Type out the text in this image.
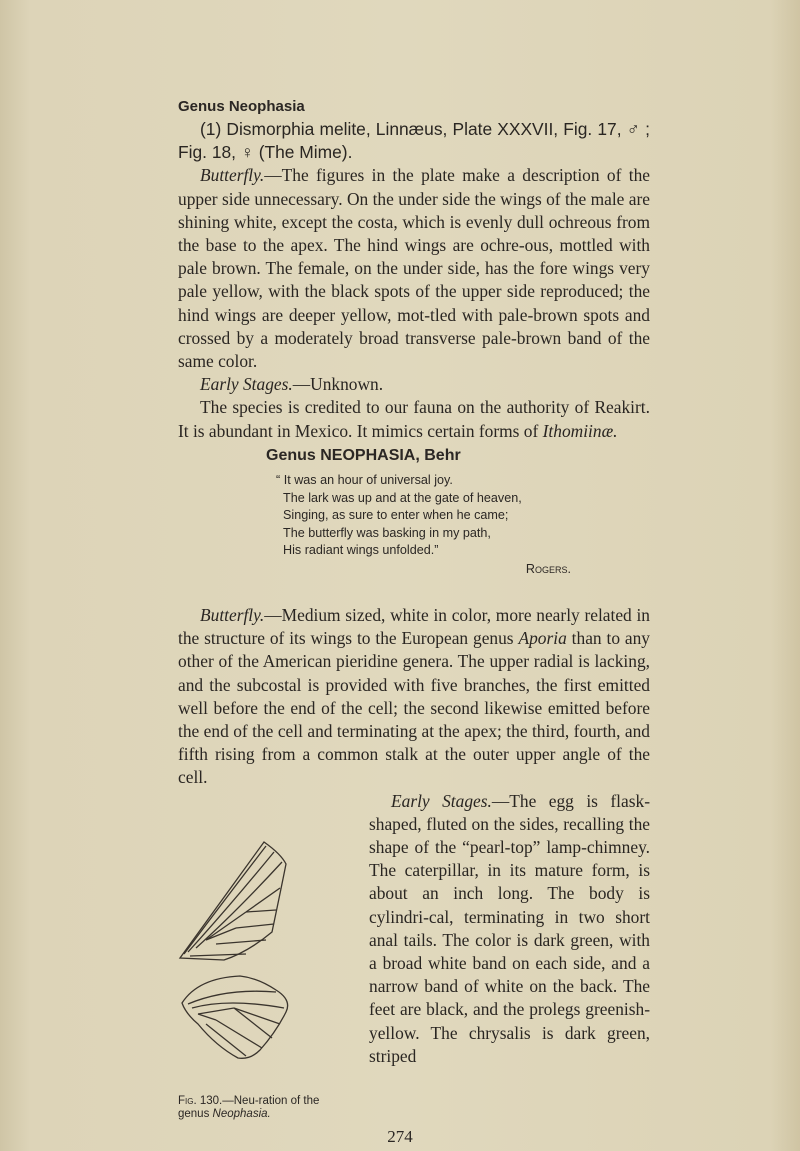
Genus Neophasia

(1) Dismorphia melite, Linnæus, Plate XXXVII, Fig. 17, ♂ ; Fig. 18, ♀ (The Mime).

Butterfly.—The figures in the plate make a description of the upper side unnecessary. On the under side the wings of the male are shining white, except the costa, which is evenly dull ochreous from the base to the apex. The hind wings are ochre-ous, mottled with pale brown. The female, on the under side, has the fore wings very pale yellow, with the black spots of the upper side reproduced; the hind wings are deeper yellow, mot-tled with pale-brown spots and crossed by a moderately broad transverse pale-brown band of the same color.

Early Stages.—Unknown.

The species is credited to our fauna on the authority of Reakirt. It is abundant in Mexico. It mimics certain forms of Ithomiinæ.

Genus NEOPHASIA, Behr
“ It was an hour of universal joy.
The lark was up and at the gate of heaven,
Singing, as sure to enter when he came;
The butterfly was basking in my path,
His radiant wings unfolded.”
Rogers.

Butterfly.—Medium sized, white in color, more nearly related in the structure of its wings to the European genus Aporia than to any other of the American pieridine genera. The upper radial is lacking, and the subcostal is provided with five branches, the first emitted well before the end of the cell; the second likewise emitted before the end of the cell and terminating at the apex; the third, fourth, and fifth rising from a common stalk at the outer upper angle of the cell.

Fig. 130.—Neu-ration of the genus Neophasia.

Early Stages.—The egg is flask-shaped, fluted on the sides, recalling the shape of the “pearl-top” lamp-chimney. The caterpillar, in its mature form, is about an inch long. The body is cylindri-cal, terminating in two short anal tails. The color is dark green, with a broad white band on each side, and a narrow band of white on the back. The feet are black, and the prolegs greenish-yellow. The chrysalis is dark green, striped

274
